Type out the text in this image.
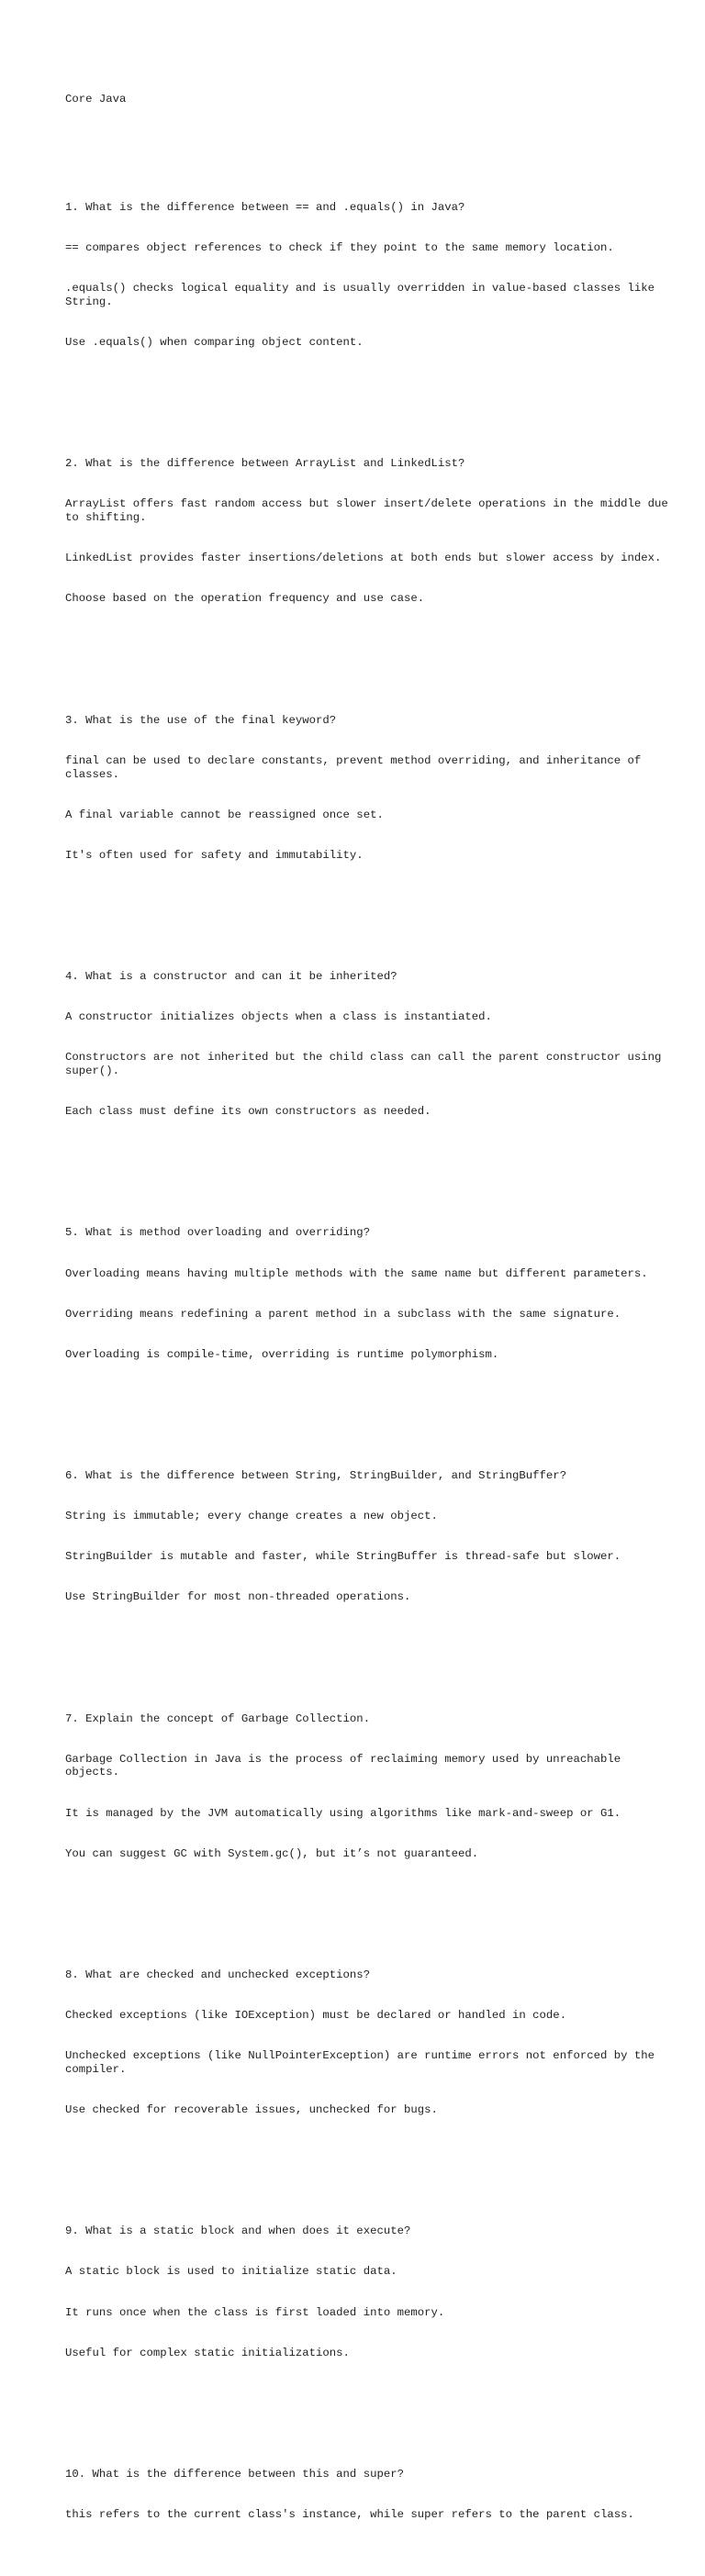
Core Java

1. What is the difference between == and .equals() in Java?

== compares object references to check if they point to the same memory location.

.equals() checks logical equality and is usually overridden in value-based classes like String.

Use .equals() when comparing object content.

2. What is the difference between ArrayList and LinkedList?

ArrayList offers fast random access but slower insert/delete operations in the middle due to shifting.

LinkedList provides faster insertions/deletions at both ends but slower access by index.

Choose based on the operation frequency and use case.

3. What is the use of the final keyword?

final can be used to declare constants, prevent method overriding, and inheritance of classes.

A final variable cannot be reassigned once set.

It's often used for safety and immutability.

4. What is a constructor and can it be inherited?

A constructor initializes objects when a class is instantiated.

Constructors are not inherited but the child class can call the parent constructor using super().

Each class must define its own constructors as needed.

5. What is method overloading and overriding?

Overloading means having multiple methods with the same name but different parameters.

Overriding means redefining a parent method in a subclass with the same signature.

Overloading is compile-time, overriding is runtime polymorphism.

6. What is the difference between String, StringBuilder, and StringBuffer?

String is immutable; every change creates a new object.

StringBuilder is mutable and faster, while StringBuffer is thread-safe but slower.

Use StringBuilder for most non-threaded operations.

7. Explain the concept of Garbage Collection.

Garbage Collection in Java is the process of reclaiming memory used by unreachable objects.

It is managed by the JVM automatically using algorithms like mark-and-sweep or G1.

You can suggest GC with System.gc(), but it’s not guaranteed.

8. What are checked and unchecked exceptions?

Checked exceptions (like IOException) must be declared or handled in code.

Unchecked exceptions (like NullPointerException) are runtime errors not enforced by the compiler.

Use checked for recoverable issues, unchecked for bugs.

9. What is a static block and when does it execute?

A static block is used to initialize static data.

It runs once when the class is first loaded into memory.

Useful for complex static initializations.

10. What is the difference between this and super?

this refers to the current class's instance, while super refers to the parent class.
